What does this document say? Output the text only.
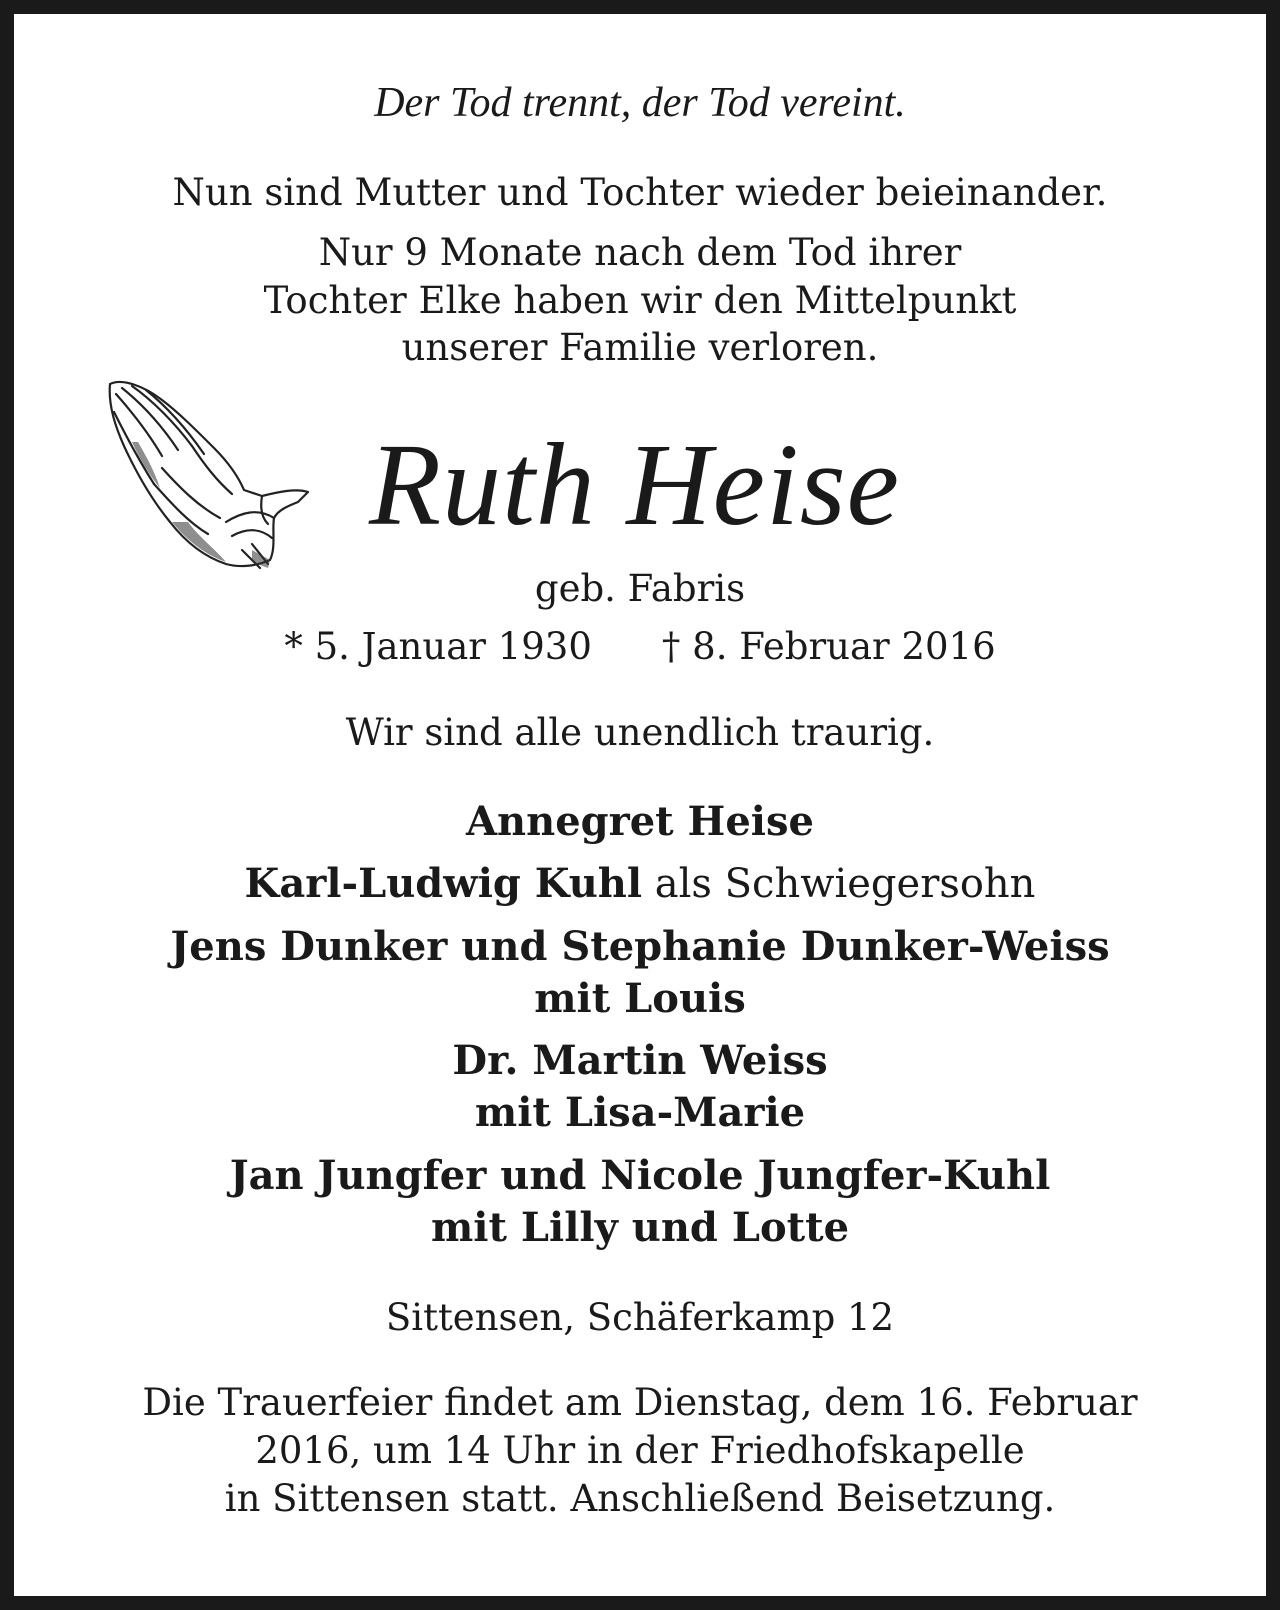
Der Tod trennt, der Tod vereint.
Nun sind Mutter und Tochter wieder beieinander.
Nur 9 Monate nach dem Tod ihrer
Tochter Elke haben wir den Mittelpunkt
unserer Familie verloren.
Ruth Heise
geb. Fabris
* 5. Januar 1930 † 8. Februar 2016
Wir sind alle unendlich traurig.
Annegret Heise
Karl-Ludwig Kuhl als Schwiegersohn
Jens Dunker und Stephanie Dunker-Weiss
mit Louis
Dr. Martin Weiss
mit Lisa-Marie
Jan Jungfer und Nicole Jungfer-Kuhl
mit Lilly und Lotte
Sittensen, Schäferkamp 12
Die Trauerfeier findet am Dienstag, dem 16. Februar
2016, um 14 Uhr in der Friedhofskapelle
in Sittensen statt. Anschließend Beisetzung.
